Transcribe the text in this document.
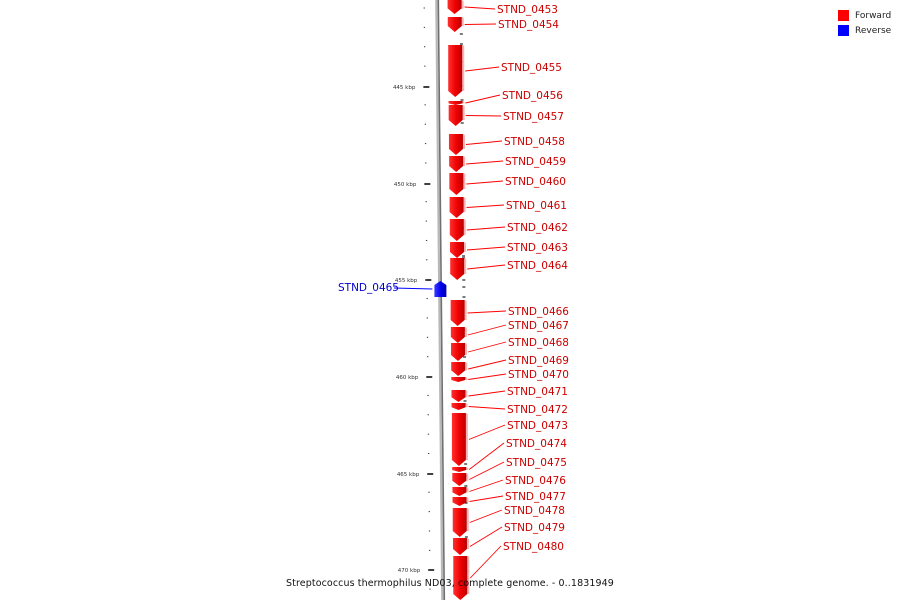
445 kbp
450 kbp
455 kbp
460 kbp
465 kbp
470 kbp
STND_0453
STND_0454
STND_0455
STND_0456
STND_0457
STND_0458
STND_0459
STND_0460
STND_0461
STND_0462
STND_0463
STND_0464
STND_0465
STND_0466
STND_0467
STND_0468
STND_0469
STND_0470
STND_0471
STND_0472
STND_0473
STND_0474
STND_0475
STND_0476
STND_0477
STND_0478
STND_0479
STND_0480
Forward
Reverse
Streptococcus thermophilus ND03, complete genome. - 0..1831949
